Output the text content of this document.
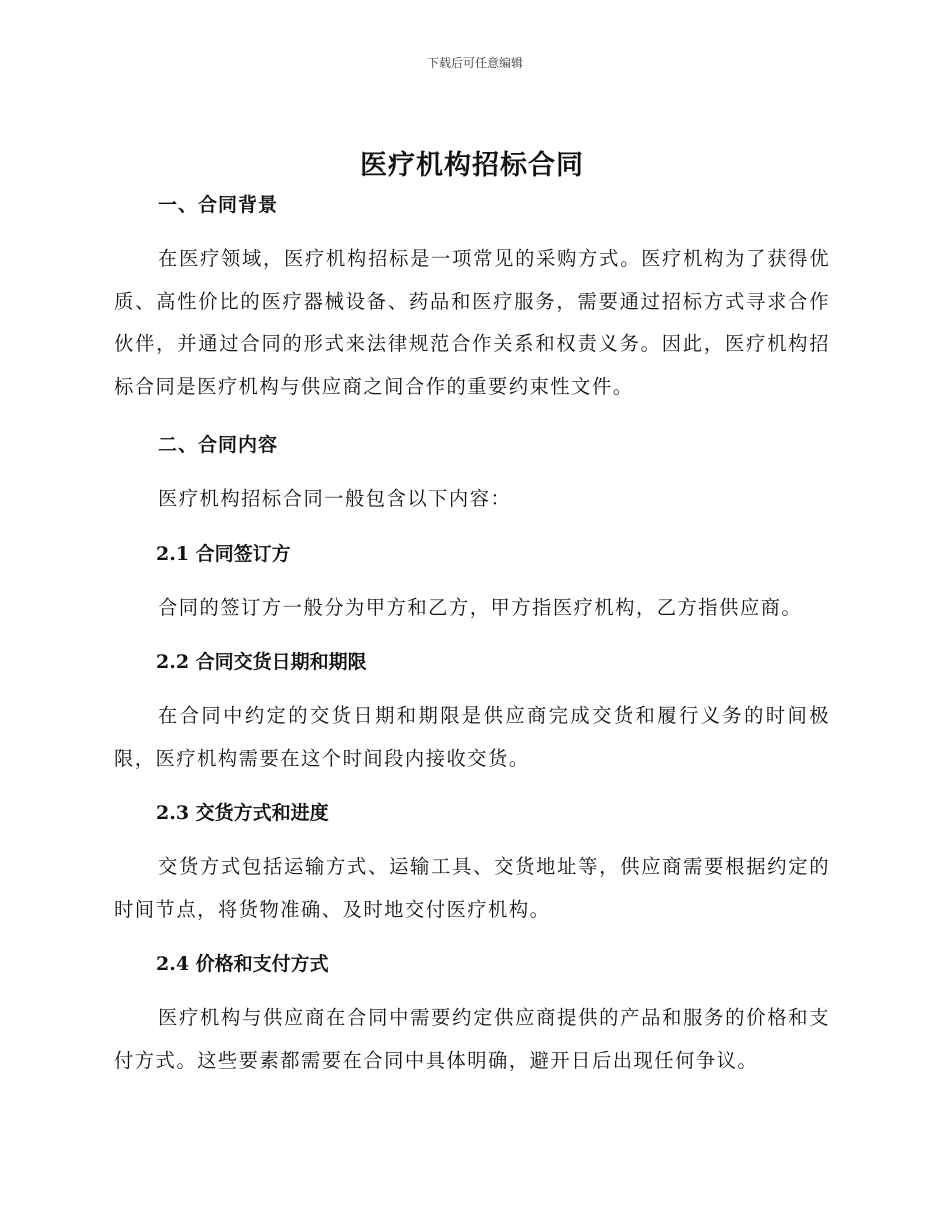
下载后可任意编辑
医疗机构招标合同
一、合同背景

在医疗领域，医疗机构招标是一项常见的采购方式。医疗机构为了获得优质、高性价比的医疗器械设备、药品和医疗服务，需要通过招标方式寻求合作伙伴，并通过合同的形式来法律规范合作关系和权责义务。因此，医疗机构招标合同是医疗机构与供应商之间合作的重要约束性文件。

二、合同内容

医疗机构招标合同一般包含以下内容：

2.1 合同签订方

合同的签订方一般分为甲方和乙方，甲方指医疗机构，乙方指供应商。

2.2 合同交货日期和期限

在合同中约定的交货日期和期限是供应商完成交货和履行义务的时间极限，医疗机构需要在这个时间段内接收交货。

2.3 交货方式和进度

交货方式包括运输方式、运输工具、交货地址等，供应商需要根据约定的时间节点，将货物准确、及时地交付医疗机构。

2.4 价格和支付方式

医疗机构与供应商在合同中需要约定供应商提供的产品和服务的价格和支付方式。这些要素都需要在合同中具体明确，避开日后出现任何争议。
